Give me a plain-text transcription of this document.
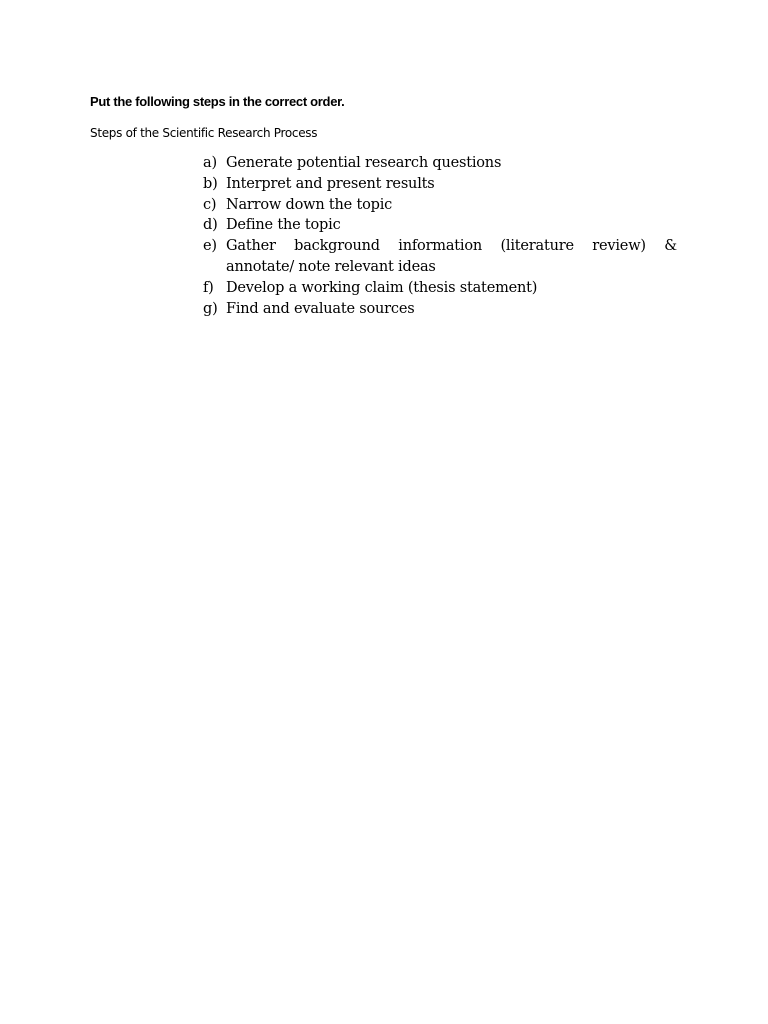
Put the following steps in the correct order.
Steps of the Scientific Research Process
a) Generate potential research questions
b) Interpret and present results
c) Narrow down the topic
d) Define the topic
e) Gather background information (literature review) & annotate/ note relevant ideas
f) Develop a working claim (thesis statement)
g) Find and evaluate sources
